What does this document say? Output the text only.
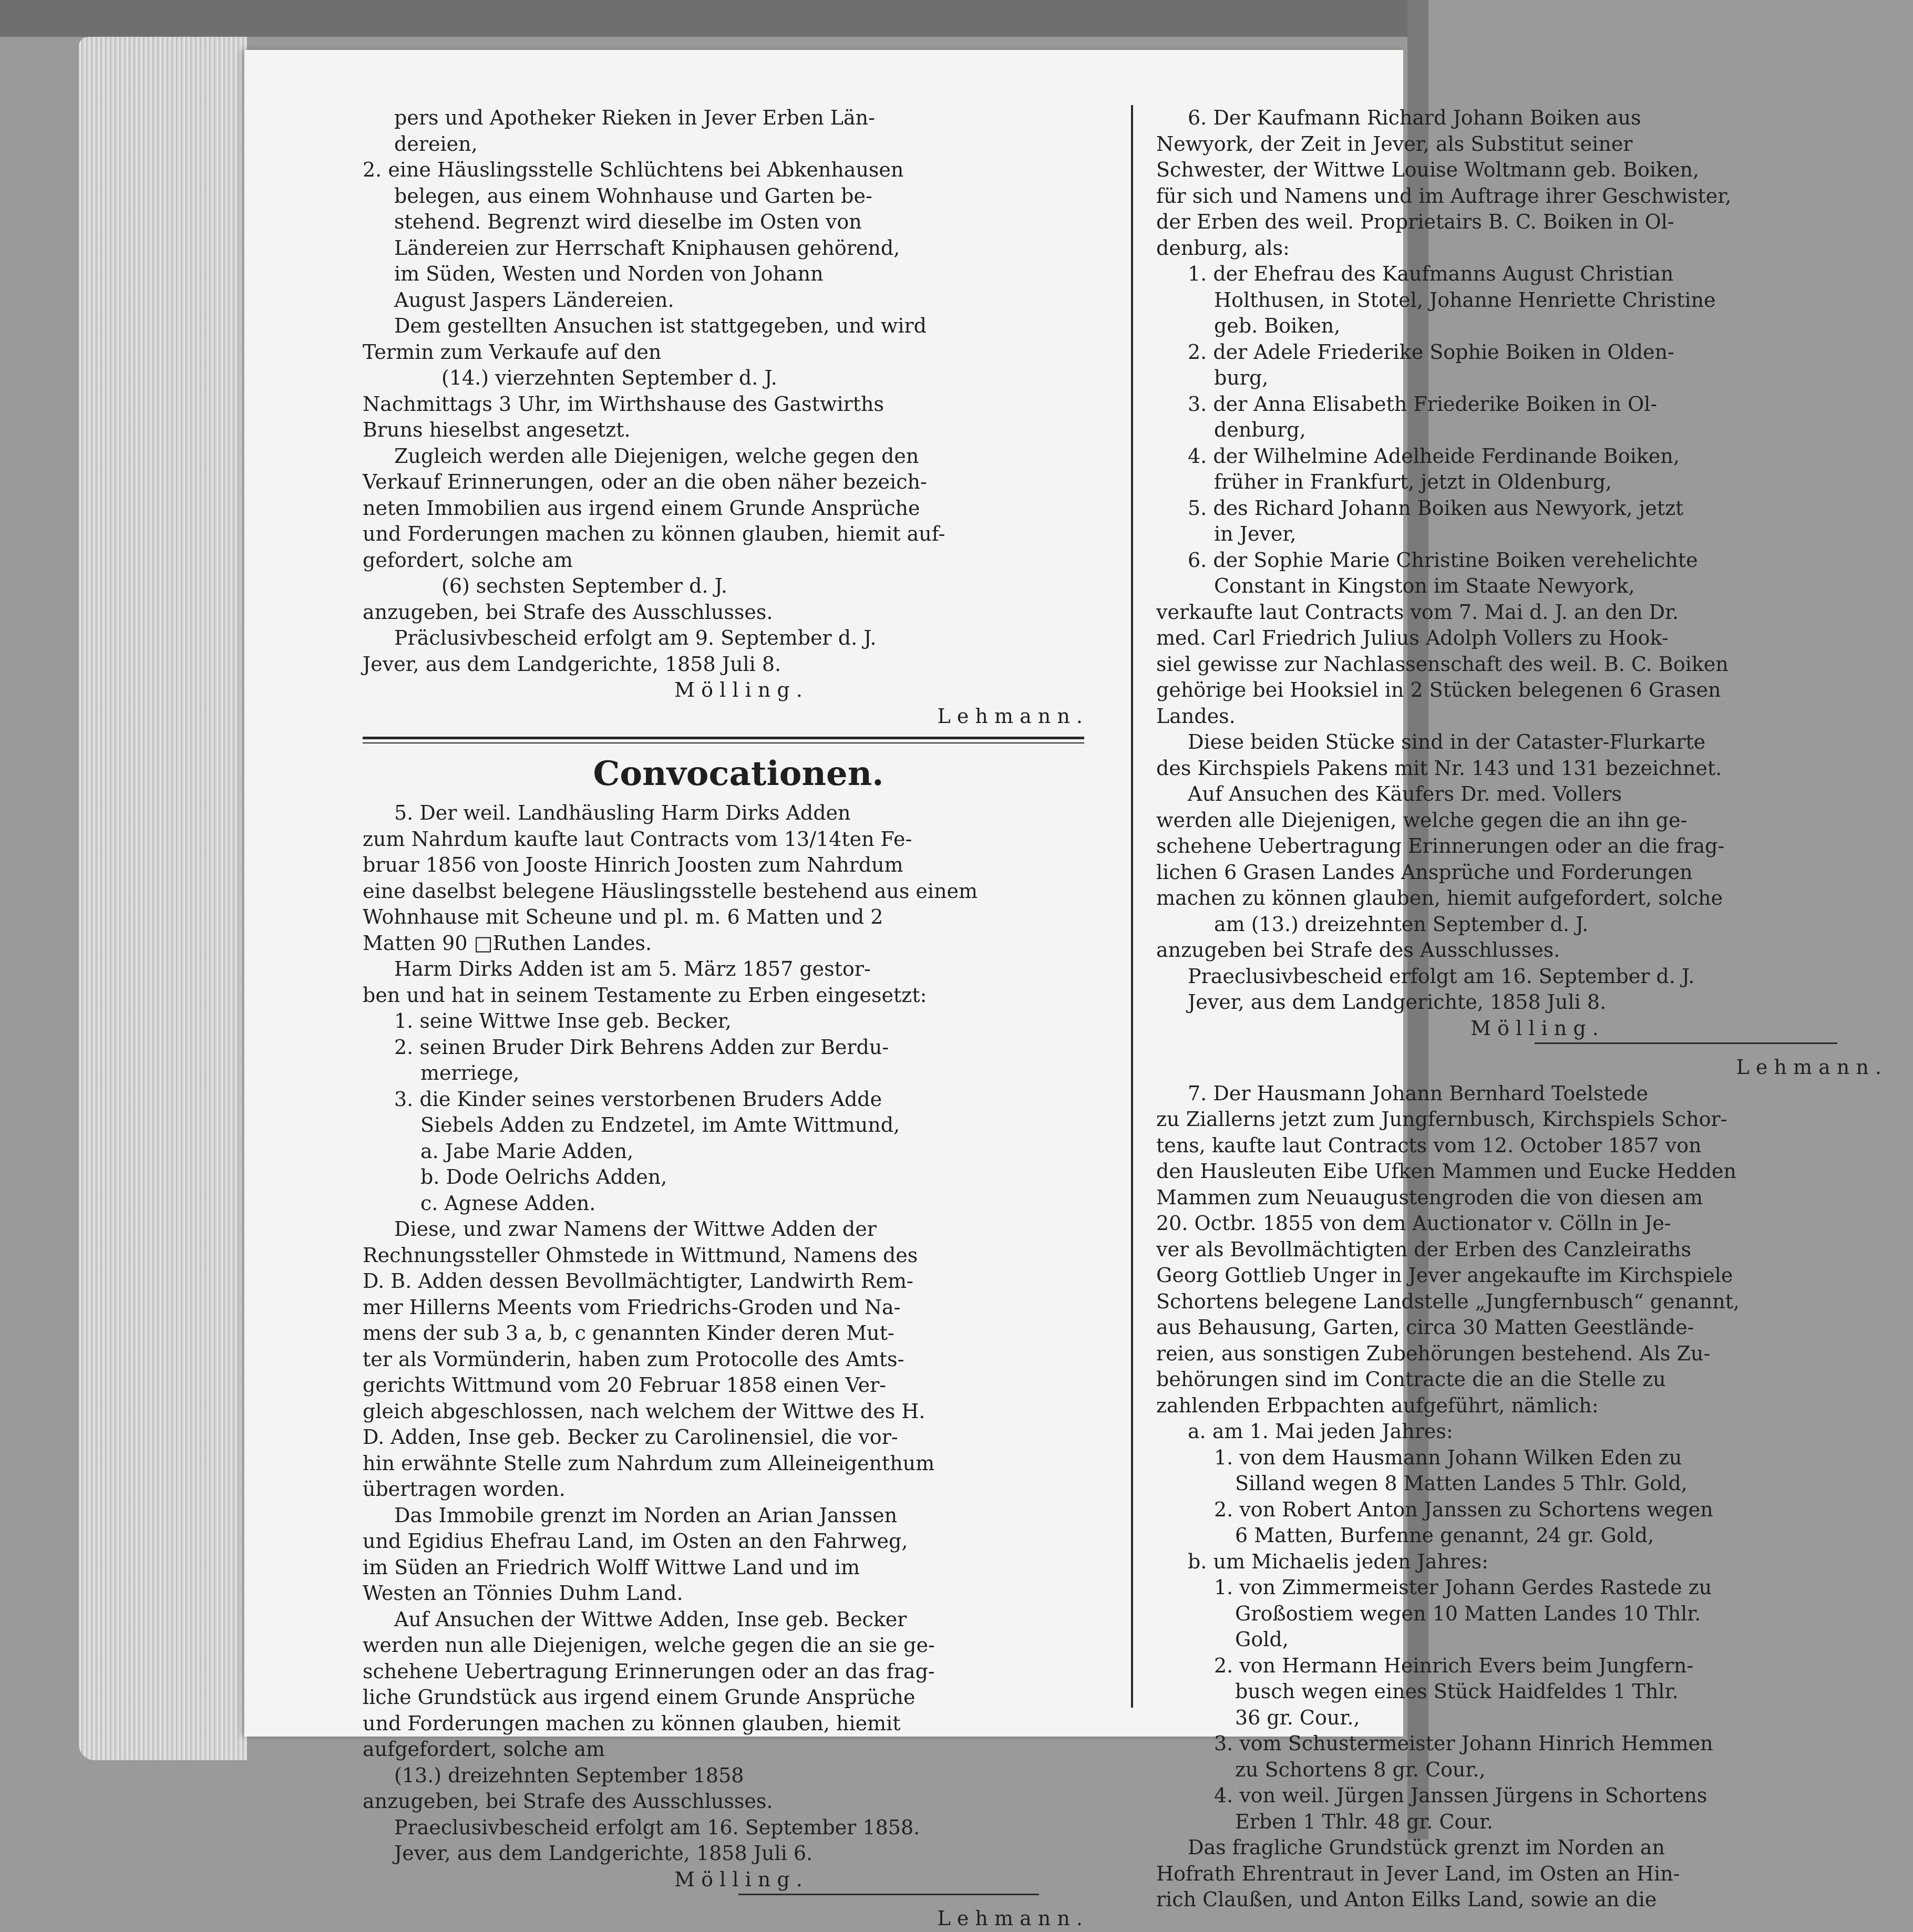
pers und Apotheker Rieken in Jever Erben Län-

dereien,

2. eine Häuslingsstelle Schlüchtens bei Abkenhausen

belegen, aus einem Wohnhause und Garten be-

stehend. Begrenzt wird dieselbe im Osten von

Ländereien zur Herrschaft Kniphausen gehörend,

im Süden, Westen und Norden von Johann

August Jaspers Ländereien.

Dem gestellten Ansuchen ist stattgegeben, und wird

Termin zum Verkaufe auf den

(14.) vierzehnten September d. J.

Nachmittags 3 Uhr, im Wirthshause des Gastwirths

Bruns hieselbst angesetzt.

Zugleich werden alle Diejenigen, welche gegen den

Verkauf Erinnerungen, oder an die oben näher bezeich-

neten Immobilien aus irgend einem Grunde Ansprüche

und Forderungen machen zu können glauben, hiemit auf-

gefordert, solche am

(6) sechsten September d. J.

anzugeben, bei Strafe des Ausschlusses.

Präclusivbescheid erfolgt am 9. September d. J.

Jever, aus dem Landgerichte, 1858 Juli 8.

M ö l l i n g .

L e h m a n n .

Convocationen.

5. Der weil. Landhäusling Harm Dirks Adden

zum Nahrdum kaufte laut Contracts vom 13/14ten Fe-

bruar 1856 von Jooste Hinrich Joosten zum Nahrdum

eine daselbst belegene Häuslingsstelle bestehend aus einem

Wohnhause mit Scheune und pl. m. 6 Matten und 2

Matten 90 □Ruthen Landes.

Harm Dirks Adden ist am 5. März 1857 gestor-

ben und hat in seinem Testamente zu Erben eingesetzt:

1. seine Wittwe Inse geb. Becker,

2. seinen Bruder Dirk Behrens Adden zur Berdu-

merriege,

3. die Kinder seines verstorbenen Bruders Adde

Siebels Adden zu Endzetel, im Amte Wittmund,

a. Jabe Marie Adden,

b. Dode Oelrichs Adden,

c. Agnese Adden.

Diese, und zwar Namens der Wittwe Adden der

Rechnungssteller Ohmstede in Wittmund, Namens des

D. B. Adden dessen Bevollmächtigter, Landwirth Rem-

mer Hillerns Meents vom Friedrichs-Groden und Na-

mens der sub 3 a, b, c genannten Kinder deren Mut-

ter als Vormünderin, haben zum Protocolle des Amts-

gerichts Wittmund vom 20 Februar 1858 einen Ver-

gleich abgeschlossen, nach welchem der Wittwe des H.

D. Adden, Inse geb. Becker zu Carolinensiel, die vor-

hin erwähnte Stelle zum Nahrdum zum Alleineigenthum

übertragen worden.

Das Immobile grenzt im Norden an Arian Janssen

und Egidius Ehefrau Land, im Osten an den Fahrweg,

im Süden an Friedrich Wolff Wittwe Land und im

Westen an Tönnies Duhm Land.

Auf Ansuchen der Wittwe Adden, Inse geb. Becker

werden nun alle Diejenigen, welche gegen die an sie ge-

schehene Uebertragung Erinnerungen oder an das frag-

liche Grundstück aus irgend einem Grunde Ansprüche

und Forderungen machen zu können glauben, hiemit

aufgefordert, solche am

(13.) dreizehnten September 1858

anzugeben, bei Strafe des Ausschlusses.

Praeclusivbescheid erfolgt am 16. September 1858.

Jever, aus dem Landgerichte, 1858 Juli 6.

M ö l l i n g .

L e h m a n n .

6. Der Kaufmann Richard Johann Boiken aus

Newyork, der Zeit in Jever, als Substitut seiner

Schwester, der Wittwe Louise Woltmann geb. Boiken,

für sich und Namens und im Auftrage ihrer Geschwister,

der Erben des weil. Proprietairs B. C. Boiken in Ol-

denburg, als:

1. der Ehefrau des Kaufmanns August Christian

Holthusen, in Stotel, Johanne Henriette Christine

geb. Boiken,

2. der Adele Friederike Sophie Boiken in Olden-

burg,

3. der Anna Elisabeth Friederike Boiken in Ol-

denburg,

4. der Wilhelmine Adelheide Ferdinande Boiken,

früher in Frankfurt, jetzt in Oldenburg,

5. des Richard Johann Boiken aus Newyork, jetzt

in Jever,

6. der Sophie Marie Christine Boiken verehelichte

Constant in Kingston im Staate Newyork,

verkaufte laut Contracts vom 7. Mai d. J. an den Dr.

med. Carl Friedrich Julius Adolph Vollers zu Hook-

siel gewisse zur Nachlassenschaft des weil. B. C. Boiken

gehörige bei Hooksiel in 2 Stücken belegenen 6 Grasen

Landes.

Diese beiden Stücke sind in der Cataster-Flurkarte

des Kirchspiels Pakens mit Nr. 143 und 131 bezeichnet.

Auf Ansuchen des Käufers Dr. med. Vollers

werden alle Diejenigen, welche gegen die an ihn ge-

schehene Uebertragung Erinnerungen oder an die frag-

lichen 6 Grasen Landes Ansprüche und Forderungen

machen zu können glauben, hiemit aufgefordert, solche

am (13.) dreizehnten September d. J.

anzugeben bei Strafe des Ausschlusses.

Praeclusivbescheid erfolgt am 16. September d. J.

Jever, aus dem Landgerichte, 1858 Juli 8.

M ö l l i n g .

L e h m a n n .

7. Der Hausmann Johann Bernhard Toelstede

zu Ziallerns jetzt zum Jungfernbusch, Kirchspiels Schor-

tens, kaufte laut Contracts vom 12. October 1857 von

den Hausleuten Eibe Ufken Mammen und Eucke Hedden

Mammen zum Neuaugustengroden die von diesen am

20. Octbr. 1855 von dem Auctionator v. Cölln in Je-

ver als Bevollmächtigten der Erben des Canzleiraths

Georg Gottlieb Unger in Jever angekaufte im Kirchspiele

Schortens belegene Landstelle „Jungfernbusch“ genannt,

aus Behausung, Garten, circa 30 Matten Geestlände-

reien, aus sonstigen Zubehörungen bestehend. Als Zu-

behörungen sind im Contracte die an die Stelle zu

zahlenden Erbpachten aufgeführt, nämlich:

a. am 1. Mai jeden Jahres:

1. von dem Hausmann Johann Wilken Eden zu

Silland wegen 8 Matten Landes 5 Thlr. Gold,

2. von Robert Anton Janssen zu Schortens wegen

6 Matten, Burfenne genannt, 24 gr. Gold,

b. um Michaelis jeden Jahres:

1. von Zimmermeister Johann Gerdes Rastede zu

Großostiem wegen 10 Matten Landes 10 Thlr.

Gold,

2. von Hermann Heinrich Evers beim Jungfern-

busch wegen eines Stück Haidfeldes 1 Thlr.

36 gr. Cour.,

3. vom Schustermeister Johann Hinrich Hemmen

zu Schortens 8 gr. Cour.,

4. von weil. Jürgen Janssen Jürgens in Schortens

Erben 1 Thlr. 48 gr. Cour.

Das fragliche Grundstück grenzt im Norden an

Hofrath Ehrentraut in Jever Land, im Osten an Hin-

rich Claußen, und Anton Eilks Land, sowie an die
